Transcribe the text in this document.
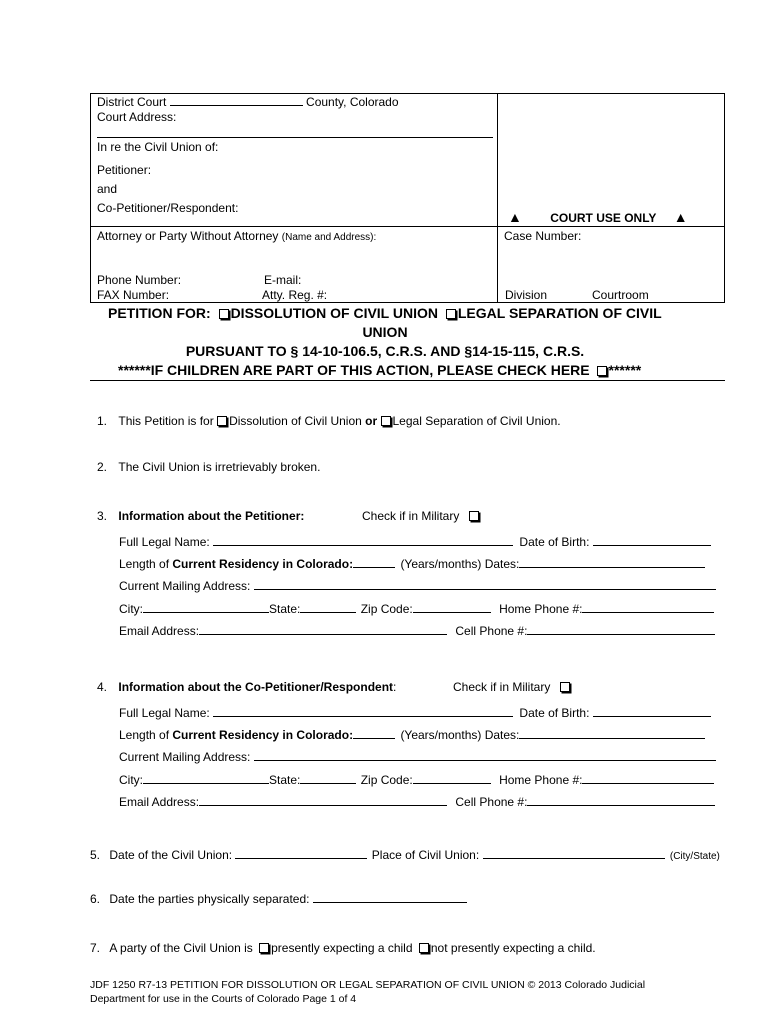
District Court	County, Colorado
Court Address:
In re the Civil Union of:
Petitioner:
and
Co-Petitioner/Respondent:
▲ COURT USE ONLY ▲
Attorney or Party Without Attorney (Name and Address):	Case Number:
Phone Number:	E-mail:
FAX Number:	Atty. Reg. #:	Division	Courtroom
PETITION FOR: DISSOLUTION OF CIVIL UNION LEGAL SEPARATION OF CIVIL
UNION
PURSUANT TO § 14-10-106.5, C.R.S. AND §14-15-115, C.R.S.
******IF CHILDREN ARE PART OF THIS ACTION, PLEASE CHECK HERE ******
1. This Petition is for Dissolution of Civil Union or Legal Separation of Civil Union.
2. The Civil Union is irretrievably broken.
3. Information about the Petitioner:	Check if in Military
Full Legal Name:	Date of Birth:
Length of Current Residency in Colorado:	(Years/months) Dates:
Current Mailing Address:
City:	State:	Zip Code:	Home Phone #:
Email Address:	Cell Phone #:
4. Information about the Co-Petitioner/Respondent:	Check if in Military
Full Legal Name:	Date of Birth:
Length of Current Residency in Colorado:	(Years/months) Dates:
Current Mailing Address:
City:	State:	Zip Code:	Home Phone #:
Email Address:	Cell Phone #:
5. Date of the Civil Union:	Place of Civil Union:	(City/State)
6. Date the parties physically separated:
7. A party of the Civil Union is presently expecting a child not presently expecting a child.
JDF 1250 R7-13 PETITION FOR DISSOLUTION OR LEGAL SEPARATION OF CIVIL UNION © 2013 Colorado Judicial
Department for use in the Courts of Colorado Page 1 of 4
